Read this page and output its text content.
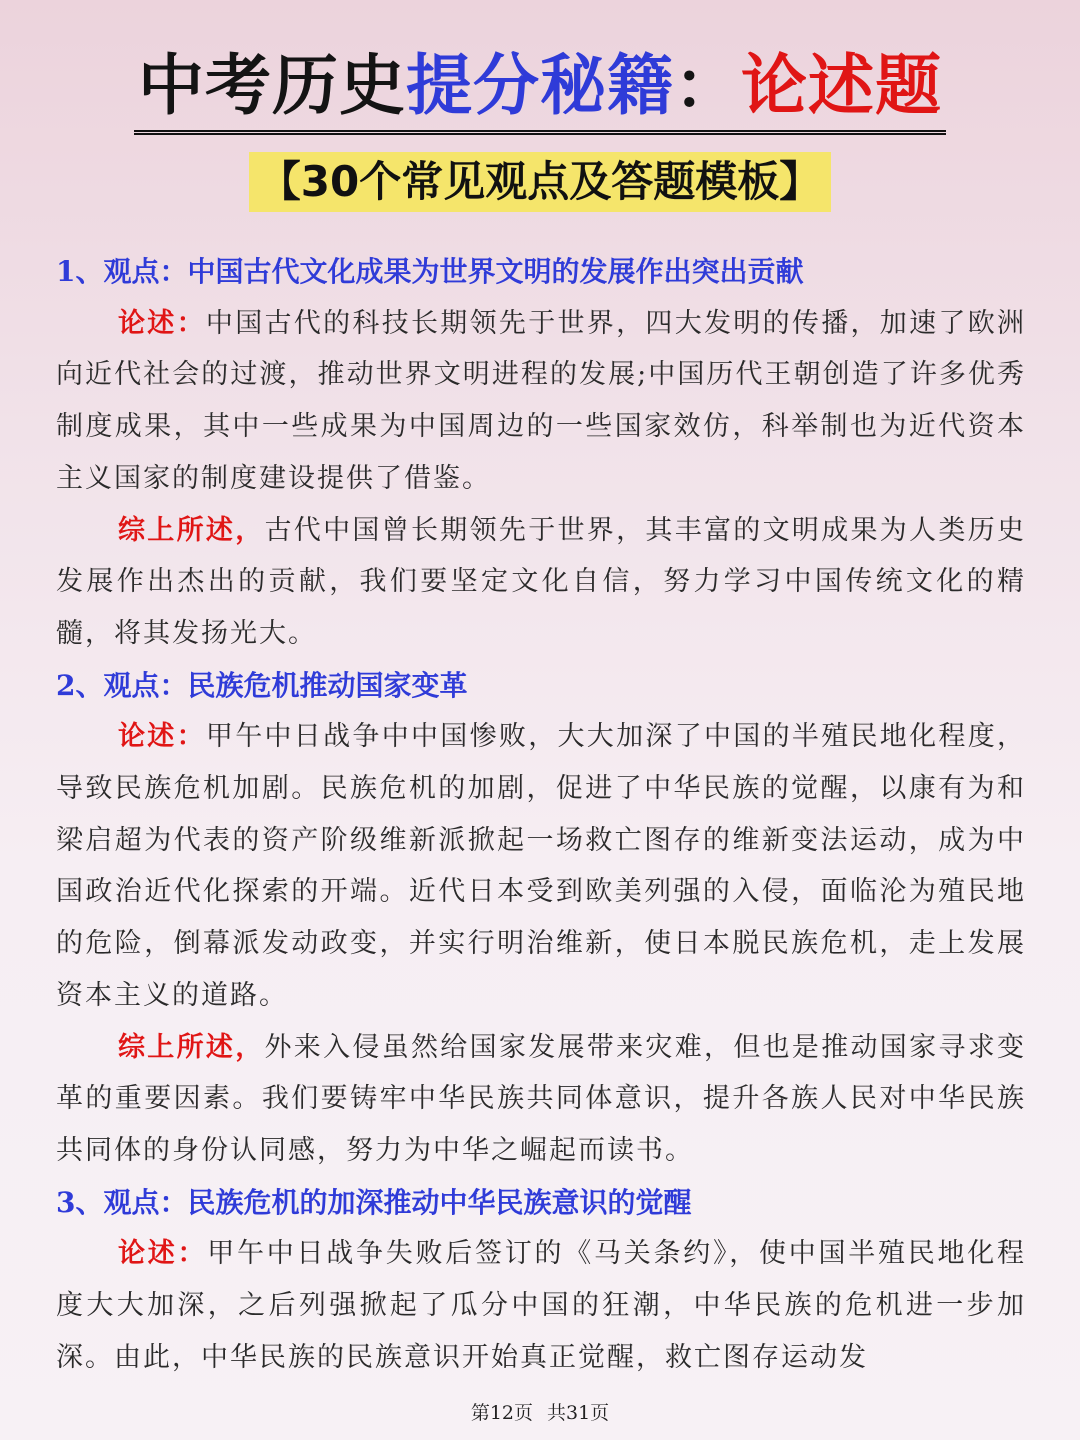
中考历史提分秘籍：论述题
【30个常见观点及答题模板】
1、观点：中国古代文化成果为世界文明的发展作出突出贡献

论述：中国古代的科技长期领先于世界，四大发明的传播，加速了欧洲向近代社会的过渡，推动世界文明进程的发展;中国历代王朝创造了许多优秀制度成果，其中一些成果为中国周边的一些国家效仿，科举制也为近代资本主义国家的制度建设提供了借鉴。

综上所述，古代中国曾长期领先于世界，其丰富的文明成果为人类历史发展作出杰出的贡献，我们要坚定文化自信，努力学习中国传统文化的精髓，将其发扬光大。

2、观点：民族危机推动国家变革

论述：甲午中日战争中中国惨败，大大加深了中国的半殖民地化程度，导致民族危机加剧。民族危机的加剧，促进了中华民族的觉醒，以康有为和梁启超为代表的资产阶级维新派掀起一场救亡图存的维新变法运动，成为中国政治近代化探索的开端。近代日本受到欧美列强的入侵，面临沦为殖民地的危险，倒幕派发动政变，并实行明治维新，使日本脱民族危机，走上发展资本主义的道路。

综上所述，外来入侵虽然给国家发展带来灾难，但也是推动国家寻求变革的重要因素。我们要铸牢中华民族共同体意识，提升各族人民对中华民族共同体的身份认同感，努力为中华之崛起而读书。

3、观点：民族危机的加深推动中华民族意识的觉醒

论述：甲午中日战争失败后签订的《马关条约》，使中国半殖民地化程度大大加深，之后列强掀起了瓜分中国的狂潮，中华民族的危机进一步加深。由此，中华民族的民族意识开始真正觉醒，救亡图存运动发

第12页 共31页
